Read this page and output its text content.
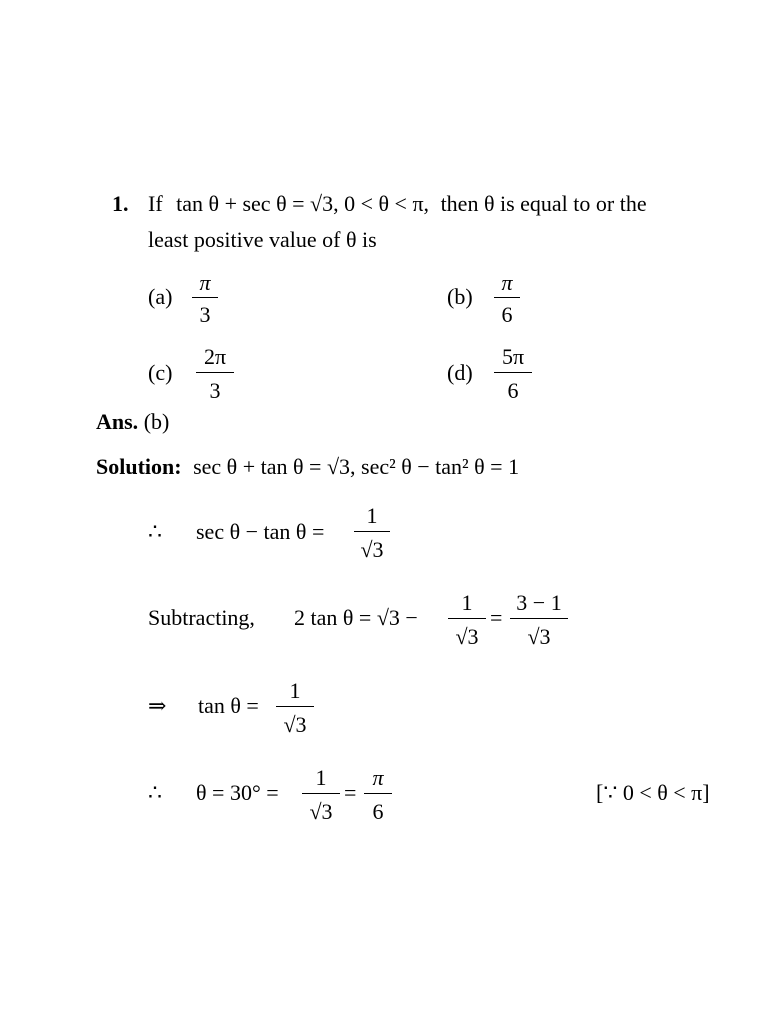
1. If tan θ + sec θ = √3, 0 < θ < π, then θ is equal to or the
least positive value of θ is
(a)
π
3
(b)
π
6
(c)
2π
3
(d)
5π
6
Ans. (b)
Solution: sec θ + tan θ = √3, sec² θ − tan² θ = 1
∴ sec θ − tan θ =
1
√3
Subtracting, 2 tan θ = √3 −
1
√3
=
3 − 1
√3
⇒ tan θ =
1
√3
∴ θ = 30° =
1
√3
=
π
6
[∵ 0 < θ < π]
